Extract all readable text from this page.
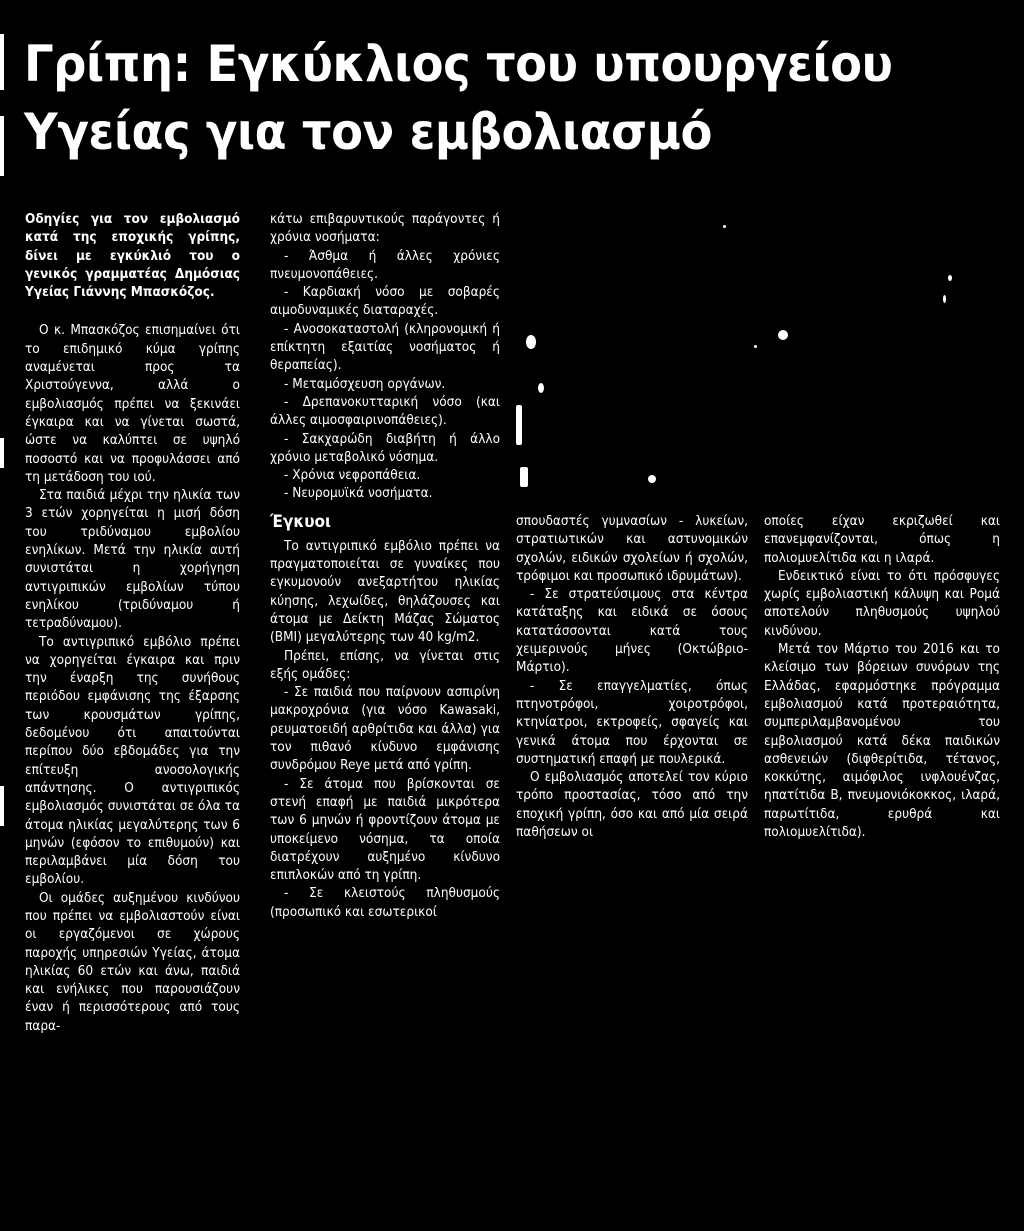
Γρίπη: Εγκύκλιος του υπουργείου
Υγείας για τον εμβολιασμό

Οδηγίες για τον εμβολιασμό κατά της εποχικής γρίπης, δίνει με εγκύκλιό του ο γενικός γραμματέας Δημόσιας Υγείας Γιάννης Μπασκόζος.

Ο κ. Μπασκόζος επισημαίνει ότι το επιδημικό κύμα γρίπης αναμένεται προς τα Χριστούγεννα, αλλά ο εμβολιασμός πρέπει να ξεκινάει έγκαιρα και να γίνεται σωστά, ώστε να καλύπτει σε υψηλό ποσοστό και να προφυλάσσει από τη μετάδοση του ιού.

Στα παιδιά μέχρι την ηλικία των 3 ετών χορηγείται η μισή δόση του τριδύναμου εμβολίου ενηλίκων. Μετά την ηλικία αυτή συνιστάται η χορήγηση αντιγριπικών εμβολίων τύπου ενηλίκου (τριδύναμου ή τετραδύναμου).

Το αντιγριπικό εμβόλιο πρέπει να χορηγείται έγκαιρα και πριν την έναρξη της συνήθους περιόδου εμφάνισης της έξαρσης των κρουσμάτων γρίπης, δεδομένου ότι απαιτούνται περίπου δύο εβδομάδες για την επίτευξη ανοσολογικής απάντησης. Ο αντιγριπικός εμβολιασμός συνιστάται σε όλα τα άτομα ηλικίας μεγαλύτερης των 6 μηνών (εφόσον το επιθυμούν) και περιλαμβάνει μία δόση του εμβολίου.

Οι ομάδες αυξημένου κινδύνου που πρέπει να εμβολιαστούν είναι οι εργαζόμενοι σε χώρους παροχής υπηρεσιών Υγείας, άτομα ηλικίας 60 ετών και άνω, παιδιά και ενήλικες που παρουσιάζουν έναν ή περισσότερους από τους παρα-

κάτω επιβαρυντικούς παράγοντες ή χρόνια νοσήματα:

- Άσθμα ή άλλες χρόνιες πνευμονοπάθειες.

- Καρδιακή νόσο με σοβαρές αιμοδυναμικές διαταραχές.

- Ανοσοκαταστολή (κληρονομική ή επίκτητη εξαιτίας νοσήματος ή θεραπείας).

- Μεταμόσχευση οργάνων.

- Δρεπανοκυτταρική νόσο (και άλλες αιμοσφαιρινοπάθειες).

- Σακχαρώδη διαβήτη ή άλλο χρόνιο μεταβολικό νόσημα.

- Χρόνια νεφροπάθεια.

- Νευρομυϊκά νοσήματα.

Έγκυοι

Το αντιγριπικό εμβόλιο πρέπει να πραγματοποιείται σε γυναίκες που εγκυμονούν ανεξαρτήτου ηλικίας κύησης, λεχωίδες, θηλάζουσες και άτομα με Δείκτη Μάζας Σώματος (BMI) μεγαλύτερης των 40 kg/m2.

Πρέπει, επίσης, να γίνεται στις εξής ομάδες:

- Σε παιδιά που παίρνουν ασπιρίνη μακροχρόνια (για νόσο Kawasaki, ρευματοειδή αρθρίτιδα και άλλα) για τον πιθανό κίνδυνο εμφάνισης συνδρόμου Reye μετά από γρίπη.

- Σε άτομα που βρίσκονται σε στενή επαφή με παιδιά μικρότερα των 6 μηνών ή φροντίζουν άτομα με υποκείμενο νόσημα, τα οποία διατρέχουν αυξημένο κίνδυνο επιπλοκών από τη γρίπη.

- Σε κλειστούς πληθυσμούς (προσωπικό και εσωτερικοί

σπουδαστές γυμνασίων - λυκείων, στρατιωτικών και αστυνομικών σχολών, ειδικών σχολείων ή σχολών, τρόφιμοι και προσωπικό ιδρυμάτων).

- Σε στρατεύσιμους στα κέντρα κατάταξης και ειδικά σε όσους κατατάσσονται κατά τους χειμερινούς μήνες (Οκτώβριο-Μάρτιο).

- Σε επαγγελματίες, όπως πτηνοτρόφοι, χοιροτρόφοι, κτηνίατροι, εκτροφείς, σφαγείς και γενικά άτομα που έρχονται σε συστηματική επαφή με πουλερικά.

Ο εμβολιασμός αποτελεί τον κύριο τρόπο προστασίας, τόσο από την εποχική γρίπη, όσο και από μία σειρά παθήσεων οι

οποίες είχαν εκριζωθεί και επανεμφανίζονται, όπως η πολιομυελίτιδα και η ιλαρά.

Ενδεικτικό είναι το ότι πρόσφυγες χωρίς εμβολιαστική κάλυψη και Ρομά αποτελούν πληθυσμούς υψηλού κινδύνου.

Μετά τον Μάρτιο του 2016 και το κλείσιμο των βόρειων συνόρων της Ελλάδας, εφαρμόστηκε πρόγραμμα εμβολιασμού κατά προτεραιότητα, συμπεριλαμβανομένου του εμβολιασμού κατά δέκα παιδικών ασθενειών (διφθερίτιδα, τέτανος, κοκκύτης, αιμόφιλος ινφλουένζας, ηπατίτιδα Β, πνευμονιόκοκκος, ιλαρά, παρωτίτιδα, ερυθρά και πολιομυελίτιδα).
